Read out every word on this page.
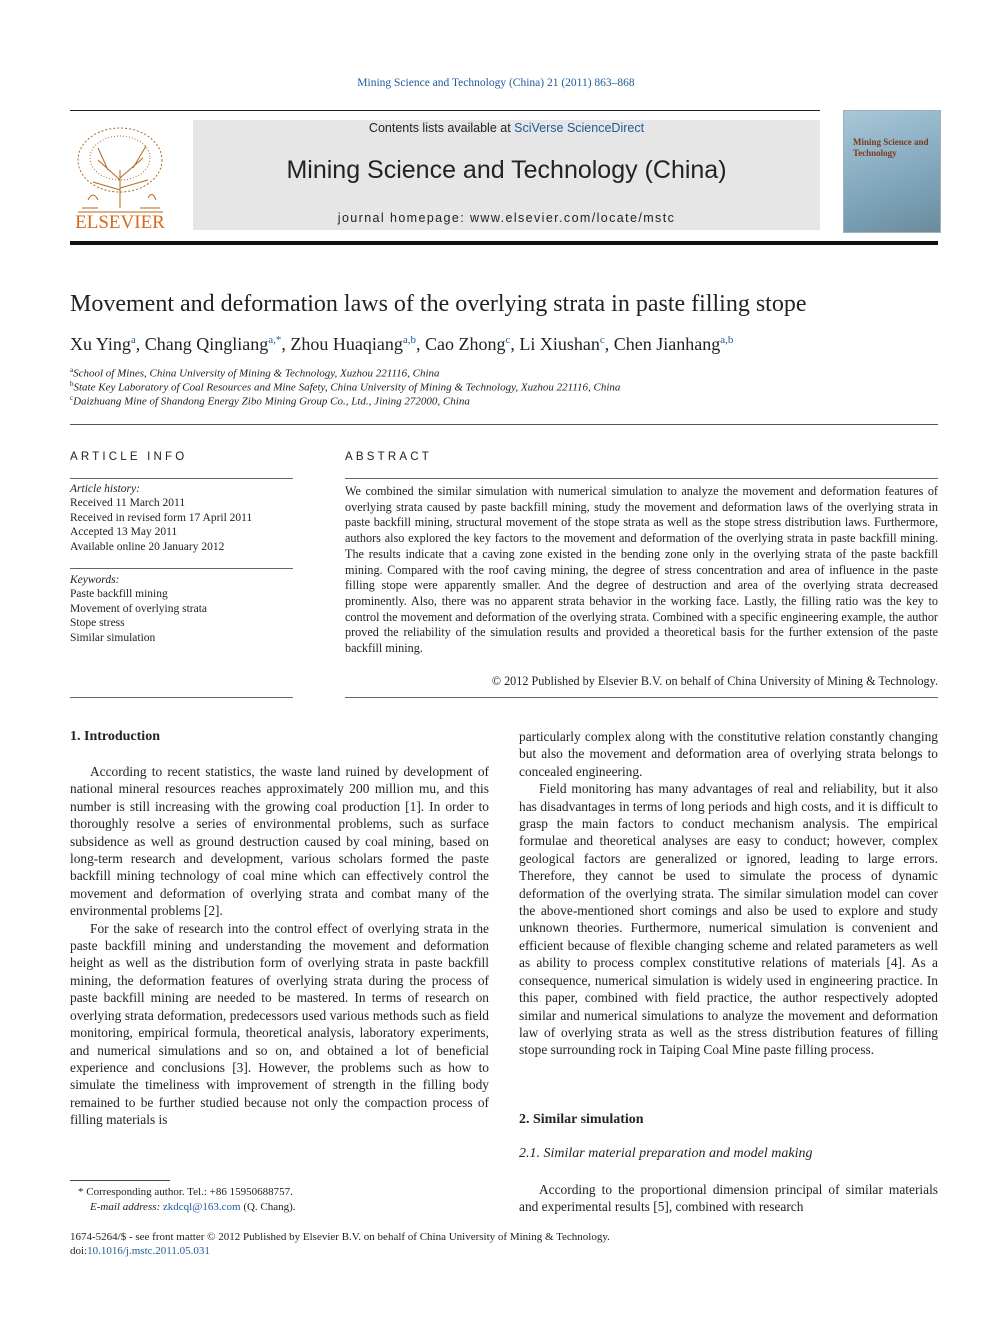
Mining Science and Technology (China) 21 (2011) 863–868
ELSEVIER
Contents lists available at SciVerse ScienceDirect
Mining Science and Technology (China)
journal homepage: www.elsevier.com/locate/mstc
Mining Science and Technology
Movement and deformation laws of the overlying strata in paste filling stope
Xu Ying$^a$, Chang Qingliang$^{a,*}$, Zhou Huaqiang$^{a,b}$, Cao Zhong$^c$, Li Xiushan$^c$, Chen Jianhang$^{a,b}$
$^a$School of Mines, China University of Mining & Technology, Xuzhou 221116, China
$^b$State Key Laboratory of Coal Resources and Mine Safety, China University of Mining & Technology, Xuzhou 221116, China
$^c$Daizhuang Mine of Shandong Energy Zibo Mining Group Co., Ltd., Jining 272000, China
ARTICLE INFO
Article history:
Received 11 March 2011
Received in revised form 17 April 2011
Accepted 13 May 2011
Available online 20 January 2012
Keywords:
Paste backfill mining
Movement of overlying strata
Stope stress
Similar simulation
ABSTRACT
We combined the similar simulation with numerical simulation to analyze the movement and deformation features of overlying strata caused by paste backfill mining, study the movement and deformation laws of the overlying strata in paste backfill mining, structural movement of the stope strata as well as the stope stress distribution laws. Furthermore, authors also explored the key factors to the movement and deformation of the overlying strata in paste backfill mining. The results indicate that a caving zone existed in the bending zone only in the overlying strata of the paste backfill mining. Compared with the roof caving mining, the degree of stress concentration and area of influence in the paste filling stope were apparently smaller. And the degree of destruction and area of the overlying strata decreased prominently. Also, there was no apparent strata behavior in the working face. Lastly, the filling ratio was the key to control the movement and deformation of the overlying strata. Combined with a specific engineering example, the author proved the reliability of the simulation results and provided a theoretical basis for the further extension of the paste backfill mining.
© 2012 Published by Elsevier B.V. on behalf of China University of Mining & Technology.
1. Introduction

According to recent statistics, the waste land ruined by development of national mineral resources reaches approximately 200 million mu, and this number is still increasing with the growing coal production [1]. In order to thoroughly resolve a series of environmental problems, such as surface subsidence as well as ground destruction caused by coal mining, based on long-term research and development, various scholars formed the paste backfill mining technology of coal mine which can effectively control the movement and deformation of overlying strata and combat many of the environmental problems [2].

For the sake of research into the control effect of overlying strata in the paste backfill mining and understanding the movement and deformation height as well as the distribution form of overlying strata in paste backfill mining, the deformation features of overlying strata during the process of paste backfill mining are needed to be mastered. In terms of research on overlying strata deformation, predecessors used various methods such as field monitoring, empirical formula, theoretical analysis, laboratory experiments, and numerical simulations and so on, and obtained a lot of beneficial experience and conclusions [3]. However, the problems such as how to simulate the timeliness with improvement of strength in the filling body remained to be further studied because not only the compaction process of filling materials is

particularly complex along with the constitutive relation constantly changing but also the movement and deformation area of overlying strata belongs to concealed engineering.

Field monitoring has many advantages of real and reliability, but it also has disadvantages in terms of long periods and high costs, and it is difficult to grasp the main factors to conduct mechanism analysis. The empirical formulae and theoretical analyses are easy to conduct; however, complex geological factors are generalized or ignored, leading to large errors. Therefore, they cannot be used to simulate the process of dynamic deformation of the overlying strata. The similar simulation model can cover the above-mentioned short comings and also be used to explore and study unknown theories. Furthermore, numerical simulation is convenient and efficient because of flexible changing scheme and related parameters as well as ability to process complex constitutive relations of materials [4]. As a consequence, numerical simulation is widely used in engineering practice. In this paper, combined with field practice, the author respectively adopted similar and numerical simulations to analyze the movement and deformation law of overlying strata as well as the stress distribution features of filling stope surrounding rock in Taiping Coal Mine paste filling process.

2. Similar simulation
2.1. Similar material preparation and model making

According to the proportional dimension principal of similar materials and experimental results [5], combined with research

* Corresponding author. Tel.: +86 15950688757.
E-mail address: zkdcql@163.com (Q. Chang).
1674-5264/$ - see front matter © 2012 Published by Elsevier B.V. on behalf of China University of Mining & Technology.
doi:10.1016/j.mstc.2011.05.031
